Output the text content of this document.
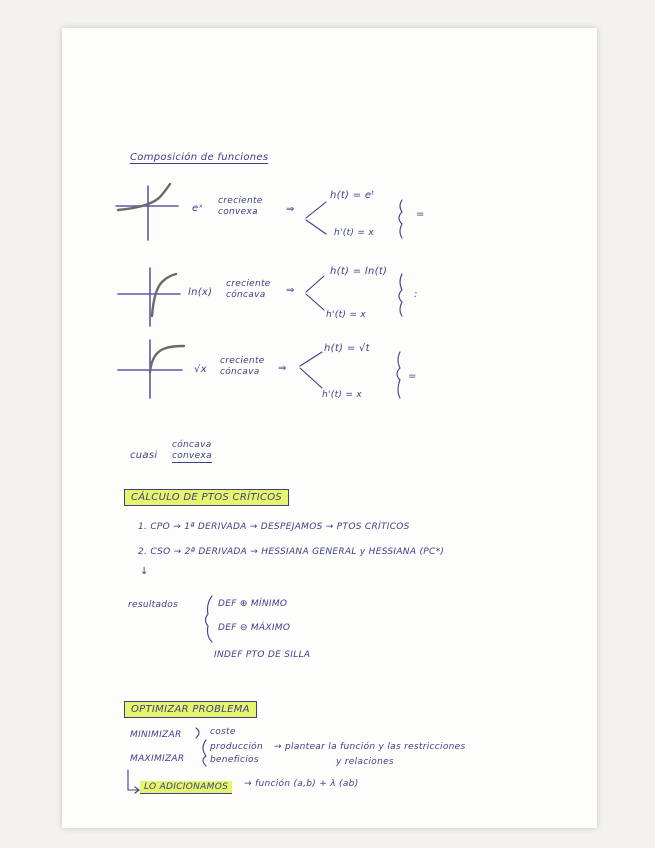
Composición de funciones
eˣ
creciente
convexa	⇒
h(t) = eᵗ
h'(t) = x
=
ln(x)
creciente
cóncava	⇒
h(t) = ln(t)
h'(t) = x
:
√x
creciente
cóncava	⇒
h(t) = √t
h'(t) = x
=
cuasi
cóncava
convexa
CÁLCULO DE PTOS CRÍTICOS
1. CPO → 1ª DERIVADA → DESPEJAMOS → PTOS CRÍTICOS
2. CSO → 2ª DERIVADA → HESSIANA GENERAL y HESSIANA (PC*)
↓
resultados	DEF ⊕ MÍNIMO
DEF ⊖ MÁXIMO
INDEF PTO DE SILLA
OPTIMIZAR PROBLEMA
MINIMIZAR
MAXIMIZAR
coste
producción
beneficios
→ plantear la función y las restricciones
y relaciones
LO ADICIONAMOS	→ función (a,b) + λ (ab)
